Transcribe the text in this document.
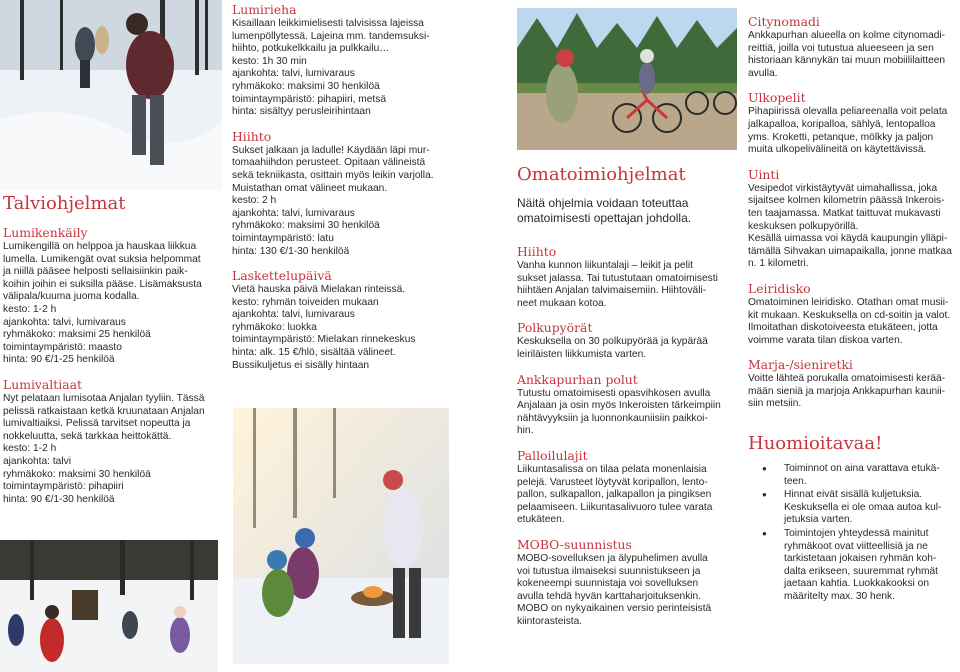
Talviohjelmat
Lumikenkäily

Lumikengillä on helppoa ja hauskaa liikkua

lumella. Lumikengät ovat suksia helpommat

ja niillä pääsee helposti sellaisiinkin paik-

koihin joihin ei suksilla pääse. Lisämaksusta

välipala/kuuma juoma kodalla.

kesto: 1-2 h

ajankohta: talvi, lumivaraus

ryhmäkoko: maksimi 25 henkilöä

toimintaympäristö: maasto

hinta: 90 €/1-25 henkilöä

Lumivaltiaat

Nyt pelataan lumisotaa Anjalan tyyliin. Tässä

pelissä ratkaistaan ketkä kruunataan Anjalan

lumivaltiaiksi. Pelissä tarvitset nopeutta ja

nokkeluutta, sekä tarkkaa heittokättä.

kesto: 1-2 h

ajankohta: talvi

ryhmäkoko: maksimi 30 henkilöä

toimintaympäristö: pihapiiri

hinta: 90 €/1-30 henkilöä

Lumirieha

Kisaillaan leikkimielisesti talvisissa lajeissa

lumenpöllytessä. Lajeina mm. tandemsuksi-

hiihto, potkukelkkailu ja pulkkailu…

kesto: 1h 30 min

ajankohta: talvi, lumivaraus

ryhmäkoko: maksimi 30 henkilöä

toimintaympäristö: pihapiiri, metsä

hinta: sisältyy perusleirihintaan

Hiihto

Sukset jalkaan ja ladulle! Käydään läpi mur-

tomaahiihdon perusteet. Opitaan välineistä

sekä tekniikasta, osittain myös leikin varjolla.

Muistathan omat välineet mukaan.

kesto: 2 h

ajankohta: talvi, lumivaraus

ryhmäkoko: maksimi 30 henkilöä

toimintaympäristö: latu

hinta: 130 €/1-30 henkilöä

Laskettelupäivä

Vietä hauska päivä Mielakan rinteissä.

kesto: ryhmän toiveiden mukaan

ajankohta: talvi, lumivaraus

ryhmäkoko: luokka

toimintaympäristö: Mielakan rinnekeskus

hinta: alk. 15 €/hlö, sisältää välineet.

Bussikuljetus ei sisälly hintaan

Omatoimiohjelmat

Näitä ohjelmia voidaan toteuttaa

omatoimisesti opettajan johdolla.

Hiihto

Vanha kunnon liikuntalaji – leikit ja pelit

sukset jalassa. Tai tutustutaan omatoimisesti

hiihtäen Anjalan talvimaisemiin. Hiihtoväli-

neet mukaan kotoa.

Polkupyörät

Keskuksella on 30 polkupyörää ja kypärää

leiriläisten liikkumista varten.

Ankkapurhan polut

Tutustu omatoimisesti opasvihkosen avulla

Anjalaan ja osin myös Inkeroisten tärkeimpiin

nähtävyyksiin ja luonnonkauniisiin paikkoi-

hin.

Palloilulajit

Liikuntasalissa on tilaa pelata monenlaisia

pelejä. Varusteet löytyvät koripallon, lento-

pallon, sulkapallon, jalkapallon ja pingiksen

pelaamiseen. Liikuntasalivuoro tulee varata

etukäteen.

MOBO-suunnistus

MOBO-sovelluksen ja älypuhelimen avulla

voi tutustua ilmaiseksi suunnistukseen ja

kokeneempi suunnistaja voi sovelluksen

avulla tehdä hyvän karttaharjoituksenkin.

MOBO on nykyaikainen versio perinteisistä

kiintorasteista.

Citynomadi

Ankkapurhan alueella on kolme citynomadi-

reittiä, joilla voi tutustua alueeseen ja sen

historiaan kännykän tai muun mobiililaitteen

avulla.

Ulkopelit

Pihapiirissä olevalla peliareenalla voit pelata

jalkapalloa, koripalloa, sählyä, lentopalloa

yms. Kroketti, petanque, mölkky ja paljon

muita ulkopelivälineitä on käytettävissä.

Uinti

Vesipedot virkistäytyvät uimahallissa, joka

sijaitsee kolmen kilometrin päässä Inkerois-

ten taajamassa. Matkat taittuvat mukavasti

keskuksen polkupyörillä.

Kesällä uimassa voi käydä kaupungin ylläpi-

tämällä Sihvakan uimapaikalla, jonne matkaa

n. 1 kilometri.

Leiridisko

Omatoiminen leiridisko. Otathan omat musii-

kit mukaan. Keskuksella on cd-soitin ja valot.

Ilmoitathan diskotoiveesta etukäteen, jotta

voimme varata tilan diskoa varten.

Marja-/sieniretki

Voitte lähteä porukalla omatoimisesti kerää-

mään sieniä ja marjoja Ankkapurhan kaunii-

siin metsiin.

Huomioitavaa!

● Toiminnot on aina varattava etukä-

teen.

● Hinnat eivät sisällä kuljetuksia.

Keskuksella ei ole omaa autoa kul-

jetuksia varten.

● Toimintojen yhteydessä mainitut

ryhmäkoot ovat viitteellisiä ja ne

tarkistetaan jokaisen ryhmän koh-

dalta erikseen, suuremmat ryhmät

jaetaan kahtia. Luokkakooksi on

määritelty max. 30 henk.
